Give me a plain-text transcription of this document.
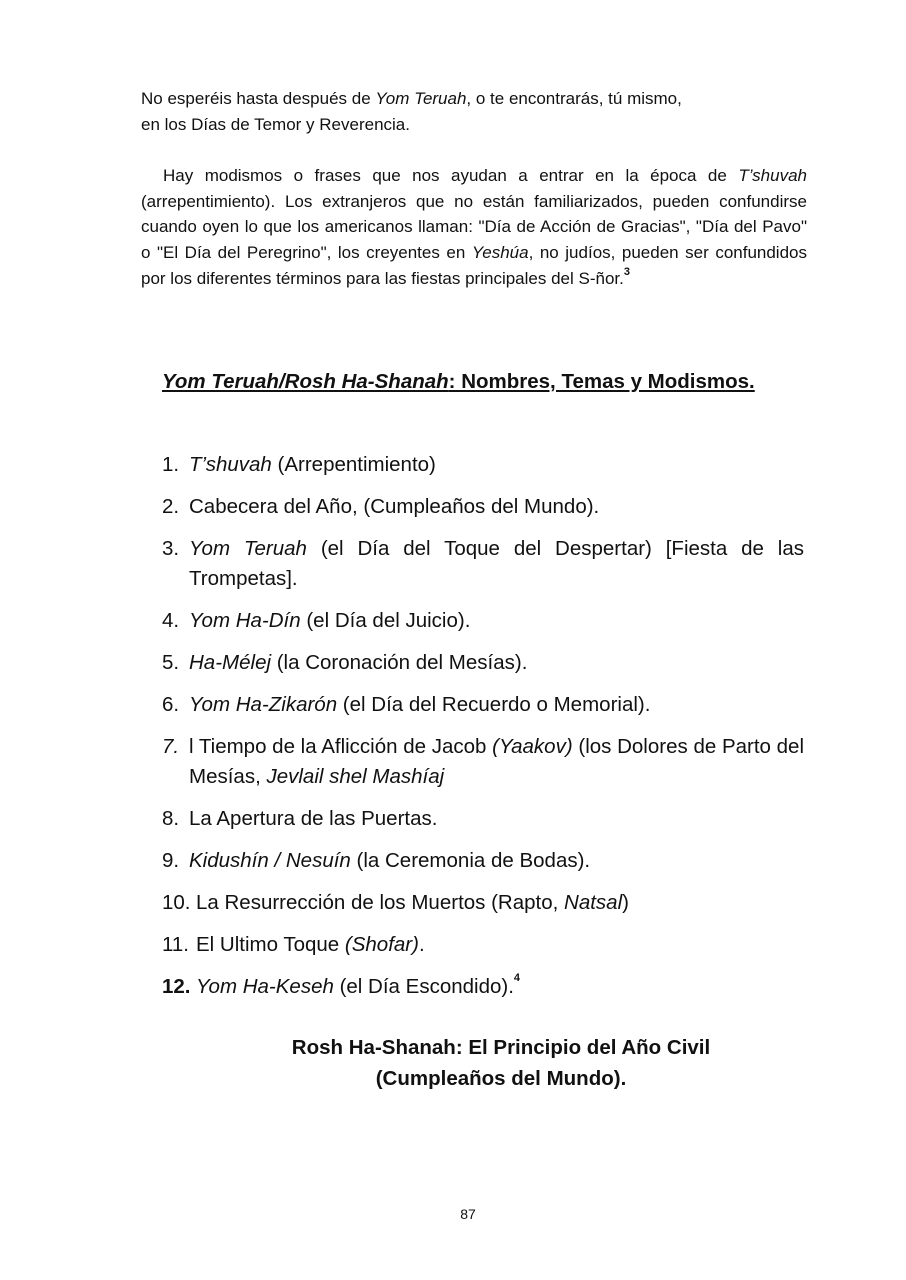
No esperéis hasta después de Yom Teruah, o te encontrarás, tú mismo,
en los Días de Temor y Reverencia.

Hay modismos o frases que nos ayudan a entrar en la época de T’shuvah (arrepentimiento). Los extranjeros que no están familiarizados, pueden confundirse cuando oyen lo que los americanos llaman: "Día de Acción de Gracias", "Día del Pavo" o "El Día del Peregrino", los creyentes en Yeshúa, no judíos, pueden ser confundidos por los diferentes términos para las fiestas principales del S-ñor.$^3$

Yom Teruah/Rosh Ha-Shanah: Nombres, Temas y Modismos.
1. T’shuvah (Arrepentimiento)
2. Cabecera del Año, (Cumpleaños del Mundo).
3. Yom Teruah (el Día del Toque del Despertar) [Fiesta de las Trompetas].
4. Yom Ha-Dín (el Día del Juicio).
5. Ha-Mélej (la Coronación del Mesías).
6. Yom Ha-Zikarón (el Día del Recuerdo o Memorial).
7. l Tiempo de la Aflicción de Jacob (Yaakov) (los Dolores de Parto del Mesías, Jevlail shel Mashíaj
8. La Apertura de las Puertas.
9. Kidushín / Nesuín (la Ceremonia de Bodas).
10. La Resurrección de los Muertos (Rapto, Natsal)
11. El Ultimo Toque (Shofar).
12. Yom Ha-Keseh (el Día Escondido).$^4$
Rosh Ha-Shanah: El Principio del Año Civil
(Cumpleaños del Mundo).
87
